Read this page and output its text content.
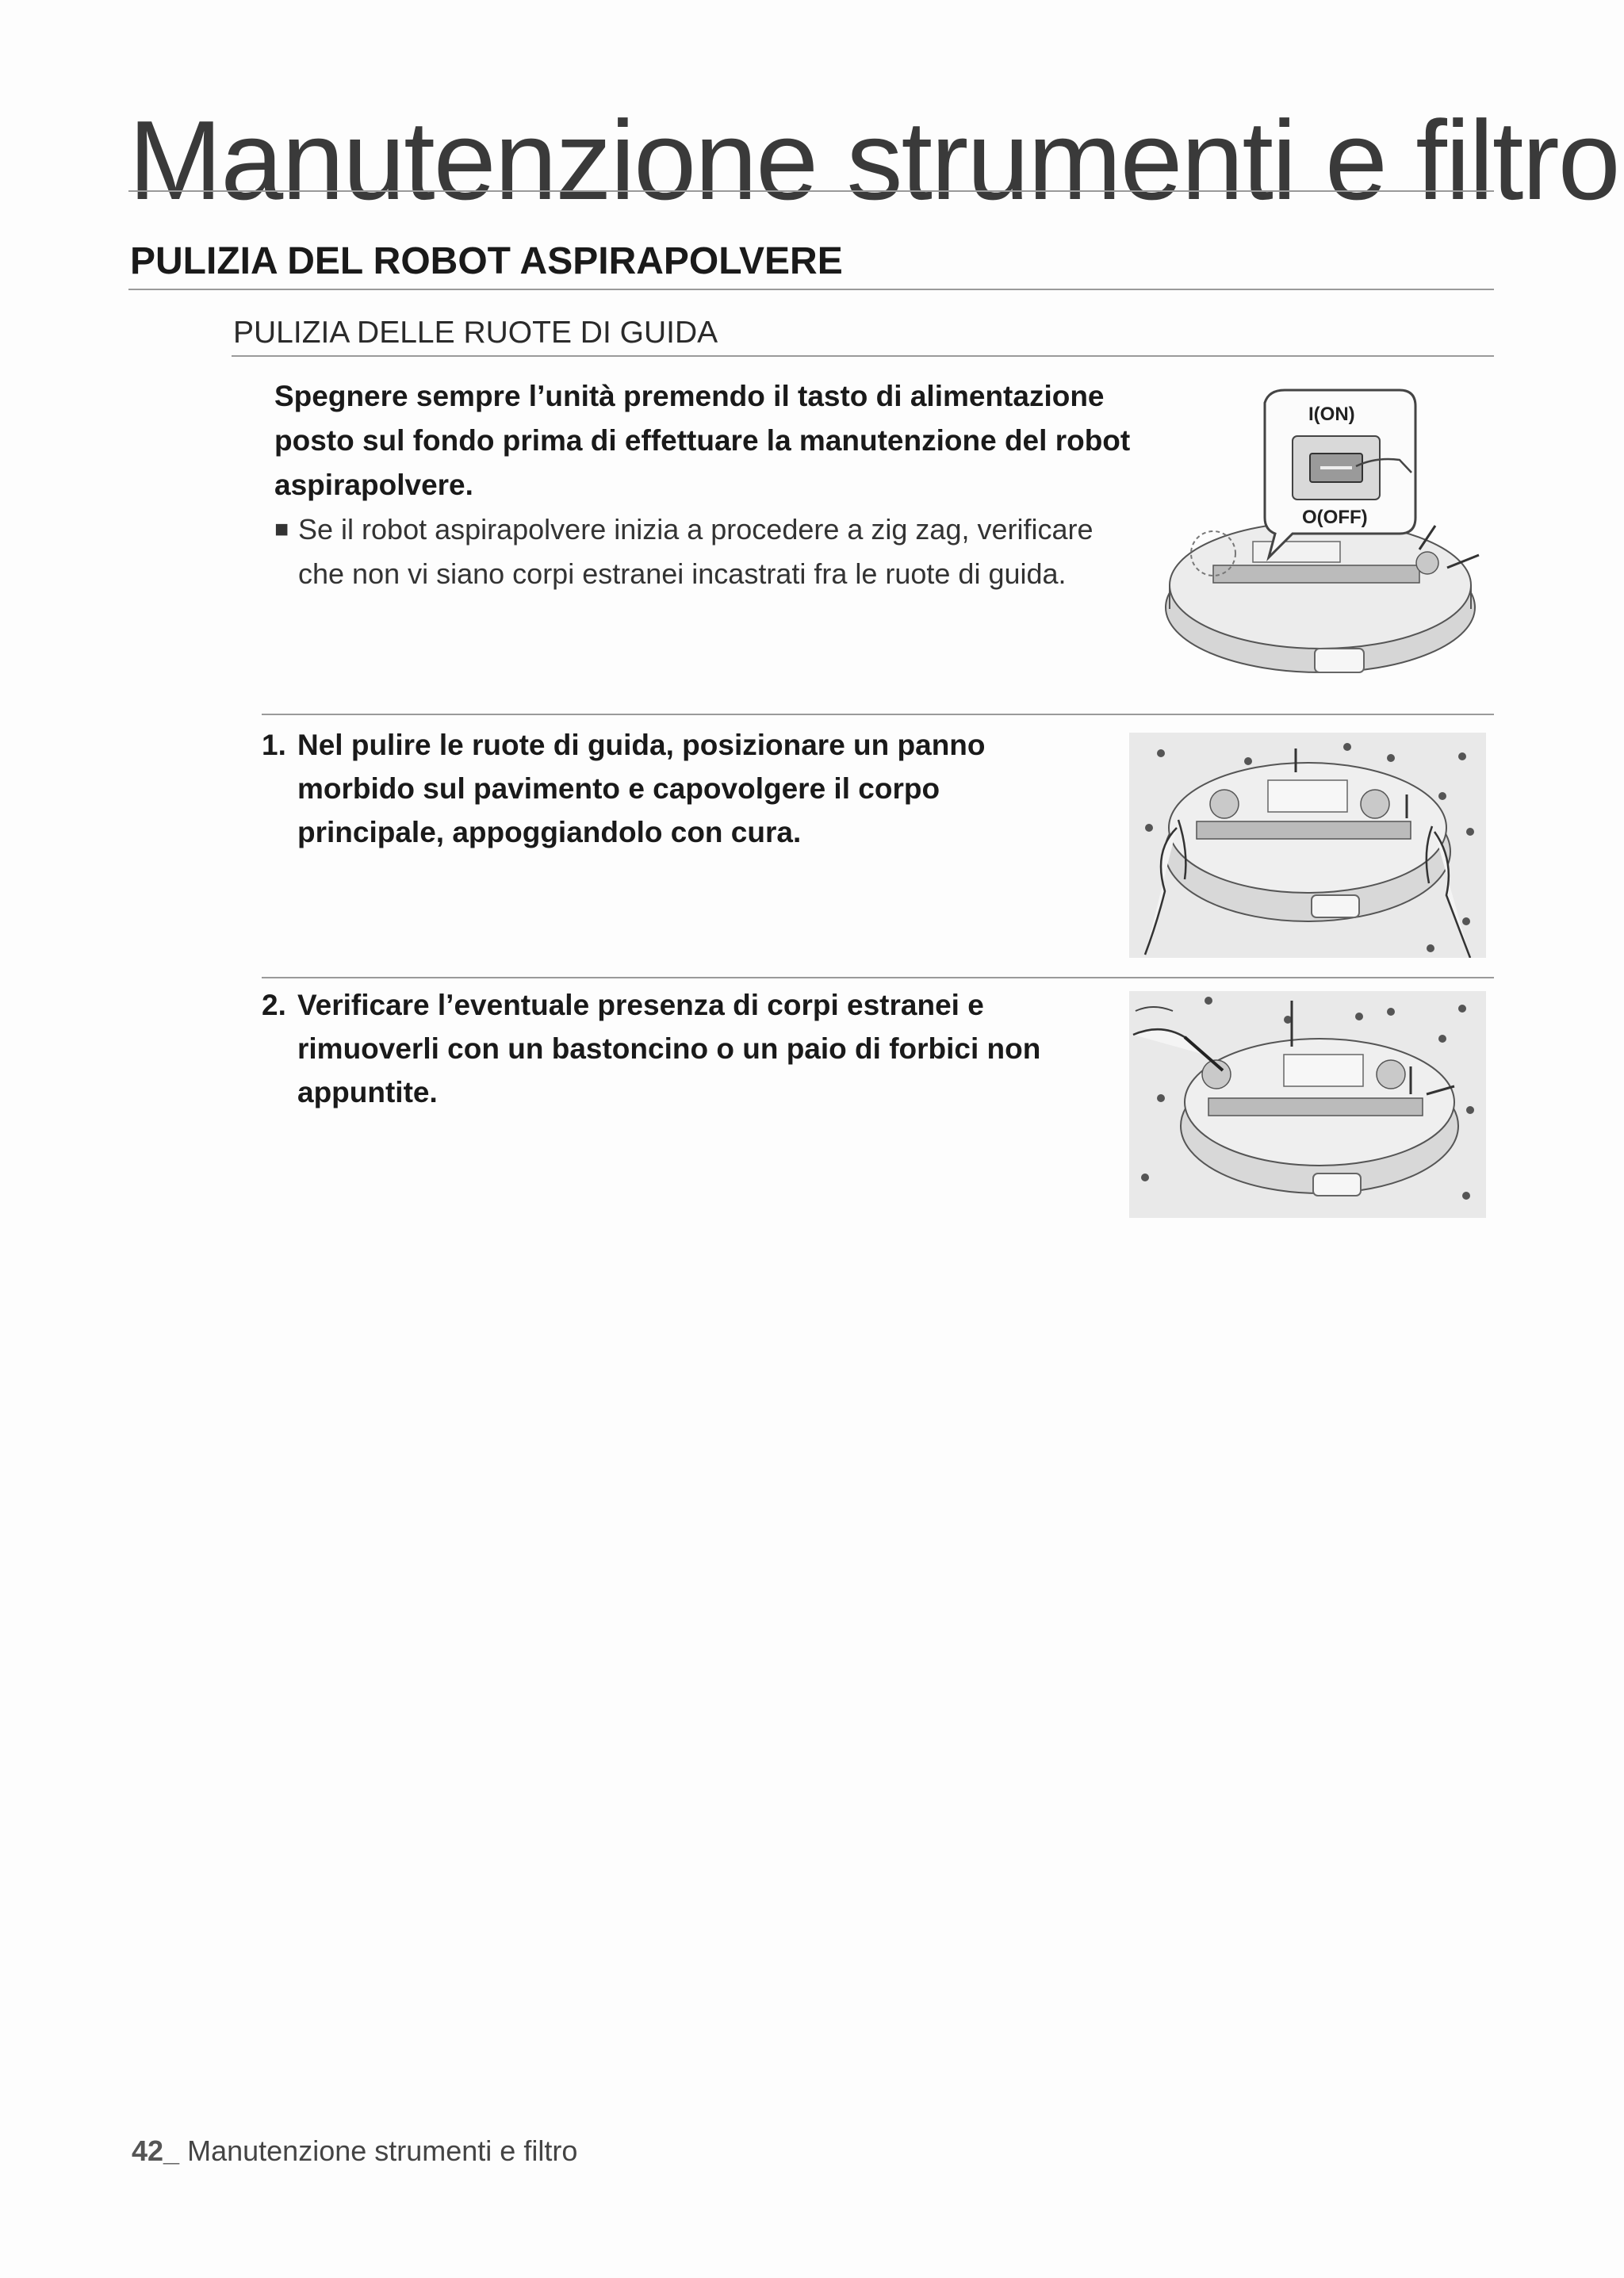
Manutenzione strumenti e filtro
PULIZIA DEL ROBOT ASPIRAPOLVERE
PULIZIA DELLE RUOTE DI GUIDA
Spegnere sempre l’unità premendo il tasto di alimentazione posto sul fondo prima di effettuare la manutenzione del robot aspirapolvere.
■ Se il robot aspirapolvere inizia a procedere a zig zag, verificare che non vi siano corpi estranei incastrati fra le ruote di guida.
I(ON)
O(OFF)
1. Nel pulire le ruote di guida, posizionare un panno morbido sul pavimento e capovolgere il corpo principale, appoggiandolo con cura.
2. Verificare l’eventuale presenza di corpi estranei e rimuoverli con un bastoncino o un paio di forbici non appuntite.
42_ Manutenzione strumenti e filtro
